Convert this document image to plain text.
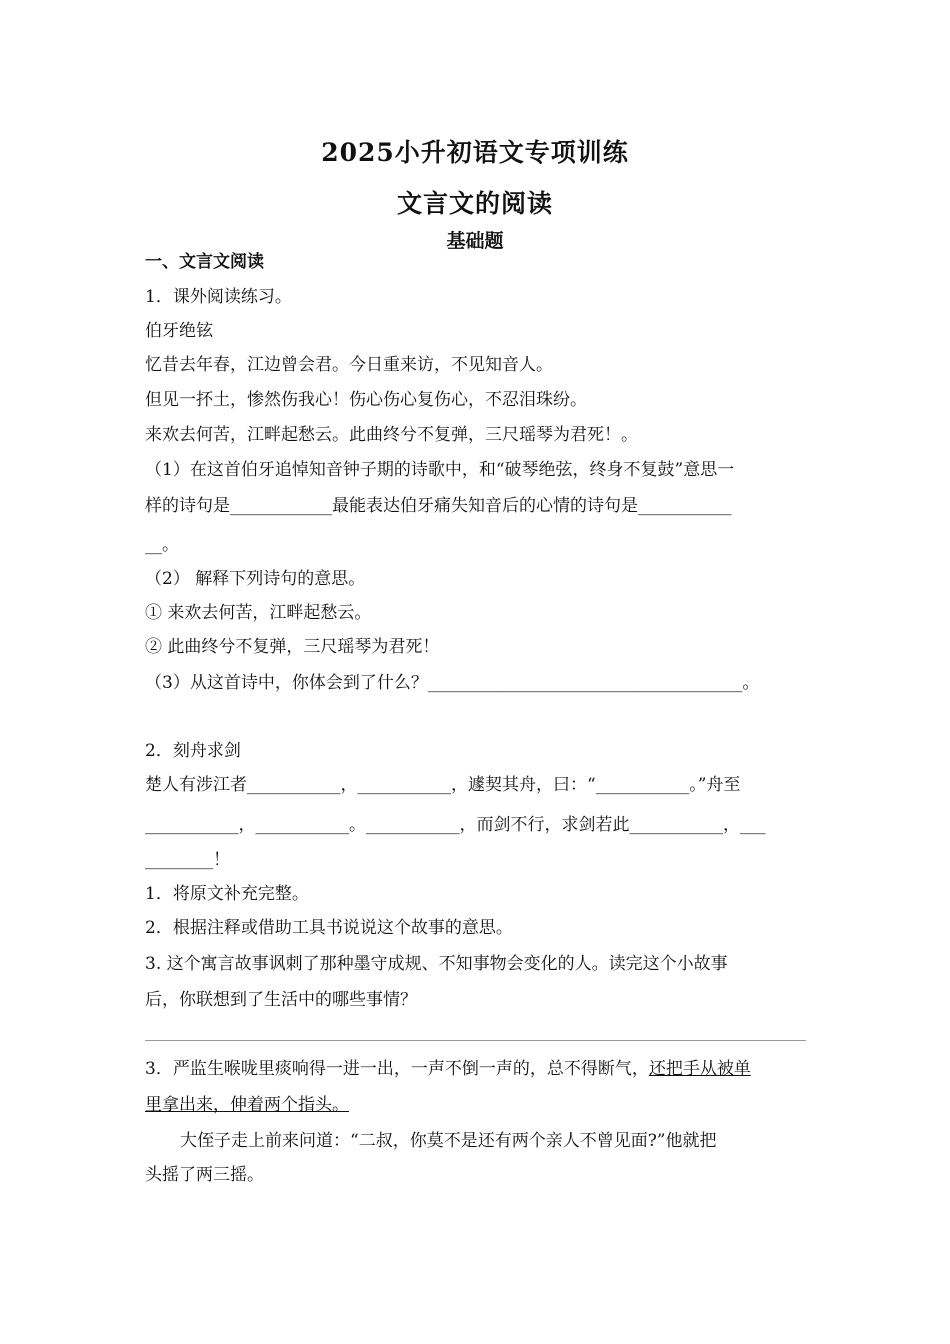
2025小升初语文专项训练
文言文的阅读
基础题
一、文言文阅读
1．课外阅读练习。
伯牙绝铉
忆昔去年春，江边曾会君。今日重来访，不见知音人。
但见一抔土，惨然伤我心！伤心伤心复伤心，不忍泪珠纷。
来欢去何苦，江畔起愁云。此曲终兮不复弹，三尺瑶琴为君死！。
（1）在这首伯牙追悼知音钟子期的诗歌中，和“破琴绝弦，终身不复鼓”意思一
样的诗句是____________最能表达伯牙痛失知音后的心情的诗句是___________
__。
（2） 解释下列诗句的意思。
① 来欢去何苦，江畔起愁云。
② 此曲终兮不复弹，三尺瑶琴为君死！
（3）从这首诗中，你体会到了什么？_____________________________________。
2．刻舟求剑
楚人有涉江者___________，___________，遽契其舟，曰：“___________。”舟至
___________，___________。___________，而剑不行，求剑若此___________，___
________！
1．将原文补充完整。
2．根据注释或借助工具书说说这个故事的意思。
3. 这个寓言故事讽刺了那种墨守成规、不知事物会变化的人。读完这个小故事
后，你联想到了生活中的哪些事情？
3．严监生喉咙里痰响得一进一出，一声不倒一声的，总不得断气，还把手从被单
里拿出来，伸着两个指头。
大侄子走上前来问道：“二叔，你莫不是还有两个亲人不曾见面?”他就把
头摇了两三摇。
